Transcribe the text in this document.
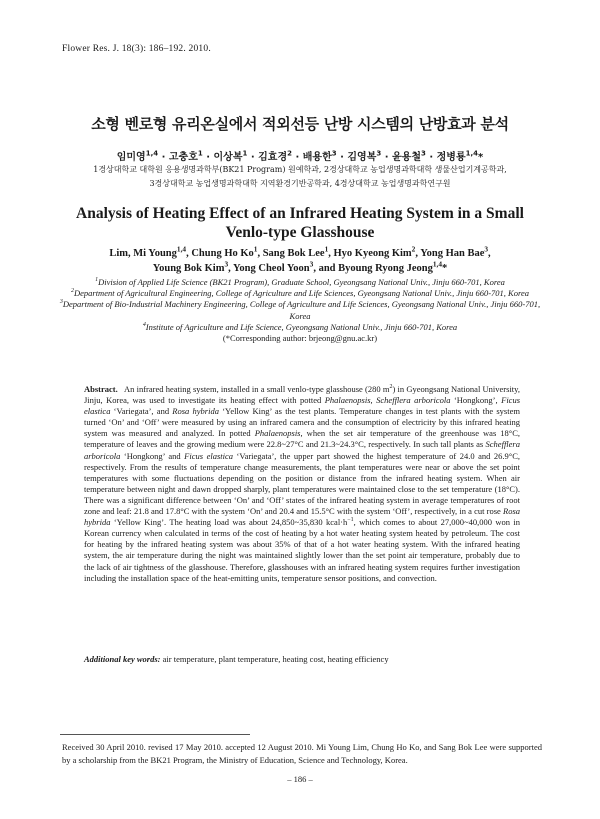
Flower Res. J. 18(3): 186–192. 2010.
소형 벤로형 유리온실에서 적외선등 난방 시스템의 난방효과 분석
임미영$^{1,4}$ · 고충호$^1$ · 이상복$^1$ · 김효경$^2$ · 배용한$^3$ · 김영복$^3$ · 윤용철$^3$ · 정병룡$^{1,4}$*
1경상대학교 대학원 응용생명과학부(BK21 Program) 원예학과, 2경상대학교 농업생명과학대학 생물산업기계공학과,
3경상대학교 농업생명과학대학 지역환경기반공학과, 4경상대학교 농업생명과학연구원
Analysis of Heating Effect of an Infrared Heating System in a Small
Venlo-type Glasshouse
Lim, Mi Young$^{1,4}$, Chung Ho Ko$^1$, Sang Bok Lee$^1$, Hyo Kyeong Kim$^2$, Yong Han Bae$^3$,
Young Bok Kim$^3$, Yong Cheol Yoon$^3$, and Byoung Ryong Jeong$^{1,4}$*
$^1$Division of Applied Life Science (BK21 Program), Graduate School, Gyeongsang National Univ., Jinju 660-701, Korea
$^2$Department of Agricultural Engineering, College of Agriculture and Life Sciences, Gyeongsang National Univ., Jinju 660-701, Korea
$^3$Department of Bio-Industrial Machinery Engineering, College of Agriculture and Life Sciences, Gyeongsang National Univ., Jinju 660-701, Korea
$^4$Institute of Agriculture and Life Science, Gyeongsang National Univ., Jinju 660-701, Korea
(*Corresponding author: brjeong@gnu.ac.kr)
Abstract.   An infrared heating system, installed in a small venlo-type glasshouse (280 $m^2$) in Gyeongsang National University, Jinju, Korea, was used to investigate its heating effect with potted Phalaenopsis, Schefflera arboricola ‘Hongkong’, Ficus elastica ‘Variegata’, and Rosa hybrida ‘Yellow King’ as the test plants. Temperature changes in test plants with the system turned ‘On’ and ‘Off’ were measured by using an infrared camera and the consumption of electricity by this infrared heating system was measured and analyzed. In potted Phalaenopsis, when the set air temperature of the greenhouse was 18°C, temperature of leaves and the growing medium were 22.8~27°C and 21.3~24.3°C, respectively. In such tall plants as Schefflera arboricola ‘Hongkong’ and Ficus elastica ‘Variegata’, the upper part showed the highest temperature of 24.0 and 26.9°C, respectively. From the results of temperature change measurements, the plant temperatures were near or above the set point temperatures with some fluctuations depending on the position or distance from the infrared heating system. When air temperature between night and dawn dropped sharply, plant temperatures were maintained close to the set temperature (18°C). There was a significant difference between ‘On’ and ‘Off’ states of the infrared heating system in average temperatures of root zone and leaf: 21.8 and 17.8°C with the system ‘On’ and 20.4 and 15.5°C with the system ‘Off’, respectively, in a cut rose Rosa hybrida ‘Yellow King’. The heating load was about 24,850~35,830 $kcal\cdot h^{-1}$, which comes to about 27,000~40,000 won in Korean currency when calculated in terms of the cost of heating by a hot water heating system heated by petroleum. The cost for heating by the infrared heating system was about 35% of that of a hot water heating system. With the infrared heating system, the air temperature during the night was maintained slightly lower than the set point air temperature, probably due to the lack of air tightness of the glasshouse. Therefore, glasshouses with an infrared heating system requires further investigation including the installation space of the heat-emitting units, temperature sensor positions, and convection.
Additional key words: air temperature, plant temperature, heating cost, heating efficiency
Received 30 April 2010. revised 17 May 2010. accepted 12 August 2010. Mi Young Lim, Chung Ho Ko, and Sang Bok Lee were supported by a scholarship from the BK21 Program, the Ministry of Education, Science and Technology, Korea.
– 186 –
